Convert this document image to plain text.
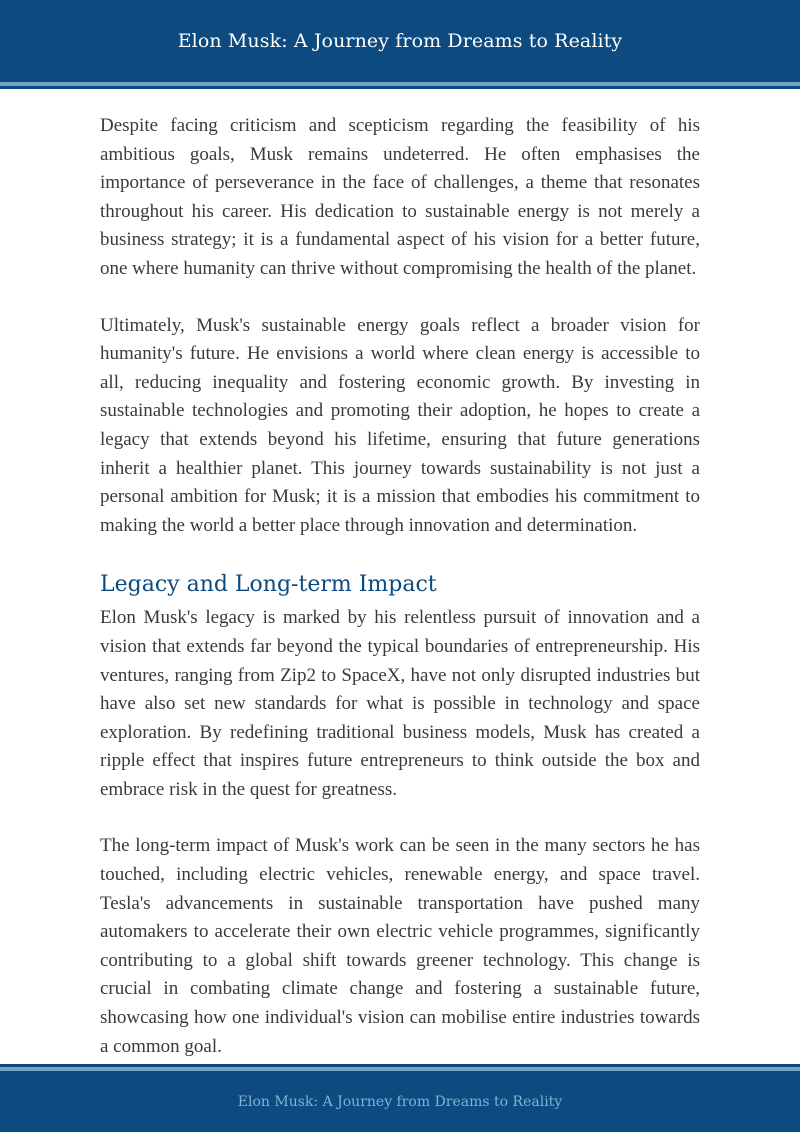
Elon Musk: A Journey from Dreams to Reality

Despite facing criticism and scepticism regarding the feasibility of his ambitious goals, Musk remains undeterred. He often emphasises the importance of perseverance in the face of challenges, a theme that resonates throughout his career. His dedication to sustainable energy is not merely a business strategy; it is a fundamental aspect of his vision for a better future, one where humanity can thrive without compromising the health of the planet.

Ultimately, Musk's sustainable energy goals reflect a broader vision for humanity's future. He envisions a world where clean energy is accessible to all, reducing inequality and fostering economic growth. By investing in sustainable technologies and promoting their adoption, he hopes to create a legacy that extends beyond his lifetime, ensuring that future generations inherit a healthier planet. This journey towards sustainability is not just a personal ambition for Musk; it is a mission that embodies his commitment to making the world a better place through innovation and determination.

Legacy and Long-term Impact

Elon Musk's legacy is marked by his relentless pursuit of innovation and a vision that extends far beyond the typical boundaries of entrepreneurship. His ventures, ranging from Zip2 to SpaceX, have not only disrupted industries but have also set new standards for what is possible in technology and space exploration. By redefining traditional business models, Musk has created a ripple effect that inspires future entrepreneurs to think outside the box and embrace risk in the quest for greatness.

The long-term impact of Musk's work can be seen in the many sectors he has touched, including electric vehicles, renewable energy, and space travel. Tesla's advancements in sustainable transportation have pushed many automakers to accelerate their own electric vehicle programmes, significantly contributing to a global shift towards greener technology. This change is crucial in combating climate change and fostering a sustainable future, showcasing how one individual's vision can mobilise entire industries towards a common goal.

Elon Musk: A Journey from Dreams to Reality
